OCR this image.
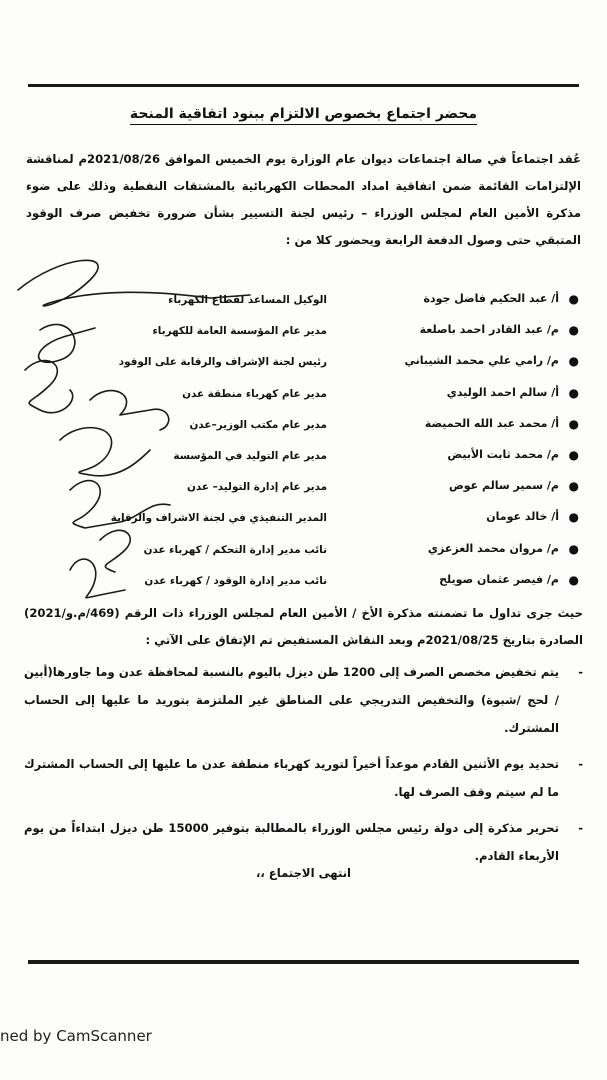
محضر اجتماع بخصوص الالتزام ببنود اتفاقية المنحة
عُقد اجتماعاً في صالة اجتماعات ديوان عام الوزارة يوم الخميس الموافق 2021/08/26م لمناقشة الإلتزامات القائمة ضمن اتفاقية امداد المحطات الكهربائية بالمشتقات النفطية وذلك على ضوء مذكرة الأمين العام لمجلس الوزراء – رئيس لجنة التسيير بشأن ضرورة تخفيض صرف الوقود المتبقي حتى وصول الدفعة الرابعة ويحضور كلا من :
●
أ/ عبد الحكيم فاضل جودة
الوكيل المساعد لقطاع الكهرباء
●
م/ عبد القادر احمد باصلعة
مدير عام المؤسسة العامة للكهرباء
●
م/ رامي علي محمد الشيباني
رئيس لجنة الإشراف والرقابة على الوقود
●
أ/ سالم احمد الوليدي
مدير عام كهرباء منطقة عدن
●
أ/ محمد عبد الله الحميضة
مدير عام مكتب الوزير–عدن
●
م/ محمد ثابت الأبيض
مدير عام التوليد في المؤسسة
●
م/ سمير سالم عوض
مدير عام إدارة التوليد– عدن
●
أ/ خالد عومان
المدير التنفيذي في لجنة الاشراف والرقابة
●
م/ مروان محمد العزعزي
نائب مدير إدارة التحكم / كهرباء عدن
●
م/ فيصر عثمان صويلح
نائب مدير إدارة الوقود / كهرباء عدن
حيث جرى تداول ما تضمنته مذكرة الأخ / الأمين العام لمجلس الوزراء ذات الرقم (469/م.و/2021) الصادرة بتاريخ 2021/08/25م وبعد النقاش المستفيض تم الإتفاق على الآتي :
-
يتم تخفيض مخصص الصرف إلى 1200 طن ديزل باليوم بالنسبة لمحافظة عدن وما جاورها(أبين / لحج /شبوة) والتخفيض التدريجي على المناطق غير الملتزمة بتوريد ما عليها إلى الحساب المشترك.
-
تحديد يوم الأثنين القادم موعداً أخيراً لتوريد كهرباء منطقة عدن ما عليها إلى الحساب المشترك ما لم سيتم وقف الصرف لها.
-
تحرير مذكرة إلى دولة رئيس مجلس الوزراء بالمطالبة بتوفير 15000 طن ديزل ابتداءاً من يوم الأربعاء القادم.
انتهى الاجتماع ،،
ned by CamScanner
